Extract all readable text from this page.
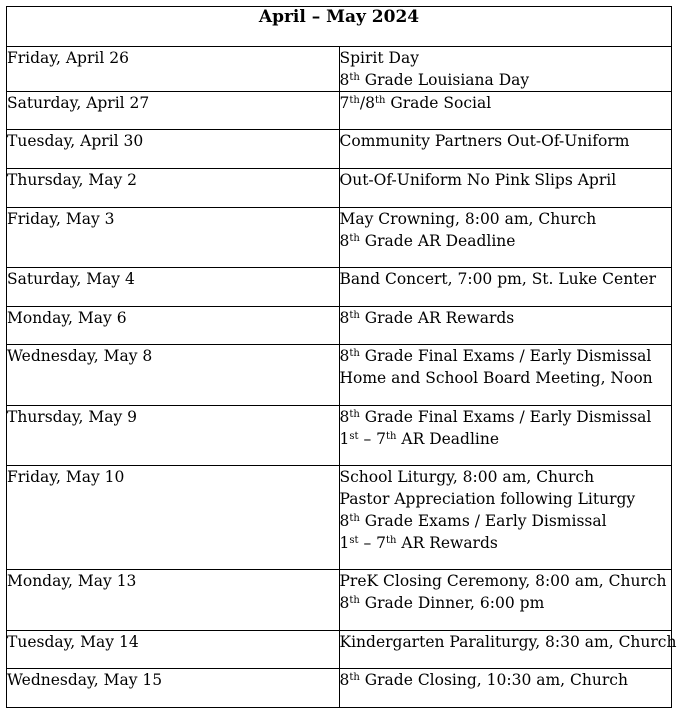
April – May 2024	
Friday, April 26	Spirit Day
8th Grade Louisiana Day

Saturday, April 27	7th/8th Grade Social

Tuesday, April 30	Community Partners Out-Of-Uniform

Thursday, May 2	Out-Of-Uniform No Pink Slips April

Friday, May 3	May Crowning, 8:00 am, Church
8th Grade AR Deadline

Saturday, May 4	Band Concert, 7:00 pm, St. Luke Center

Monday, May 6	8th Grade AR Rewards

Wednesday, May 8	8th Grade Final Exams / Early Dismissal
Home and School Board Meeting, Noon

Thursday, May 9	8th Grade Final Exams / Early Dismissal
1st – 7th AR Deadline

Friday, May 10	School Liturgy, 8:00 am, Church
Pastor Appreciation following Liturgy
8th Grade Exams / Early Dismissal
1st – 7th AR Rewards

Monday, May 13	PreK Closing Ceremony, 8:00 am, Church
8th Grade Dinner, 6:00 pm

Tuesday, May 14	Kindergarten Paraliturgy, 8:30 am, Church

Wednesday, May 15	8th Grade Closing, 10:30 am, Church
